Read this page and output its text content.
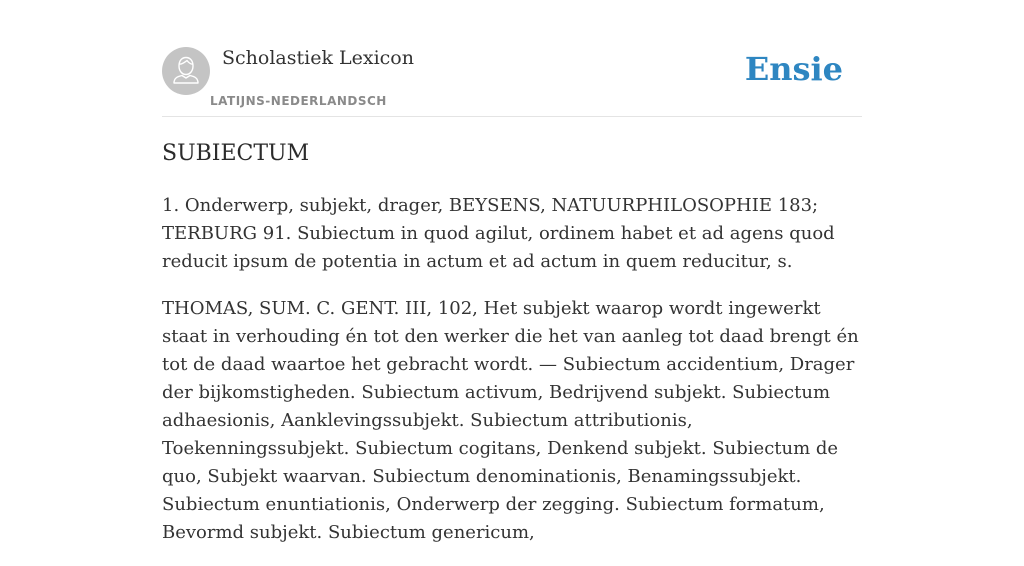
Scholastiek Lexicon
LATIJNS-NEDERLANDSCH
Ensie
SUBIECTUM

1. Onderwerp, subjekt, drager, BEYSENS, NATUURPHILOSOPHIE 183; TERBURG 91. Subiectum in quod agilut, ordinem habet et ad agens quod reducit ipsum de potentia in actum et ad actum in quem reducitur, s.

THOMAS, SUM. C. GENT. III, 102, Het subjekt waarop wordt ingewerkt staat in verhouding én tot den werker die het van aanleg tot daad brengt én tot de daad waartoe het gebracht wordt. — Subiectum accidentium, Drager der bijkomstigheden. Subiectum activum, Bedrijvend subjekt. Subiectum adhaesionis, Aanklevingssubjekt. Subiectum attributionis, Toekenningssubjekt. Subiectum cogitans, Denkend subjekt. Subiectum de quo, Subjekt waarvan. Subiectum denominationis, Benamingssubjekt. Subiectum enuntiationis, Onderwerp der zegging. Subiectum formatum, Bevormd subjekt. Subiectum genericum,
